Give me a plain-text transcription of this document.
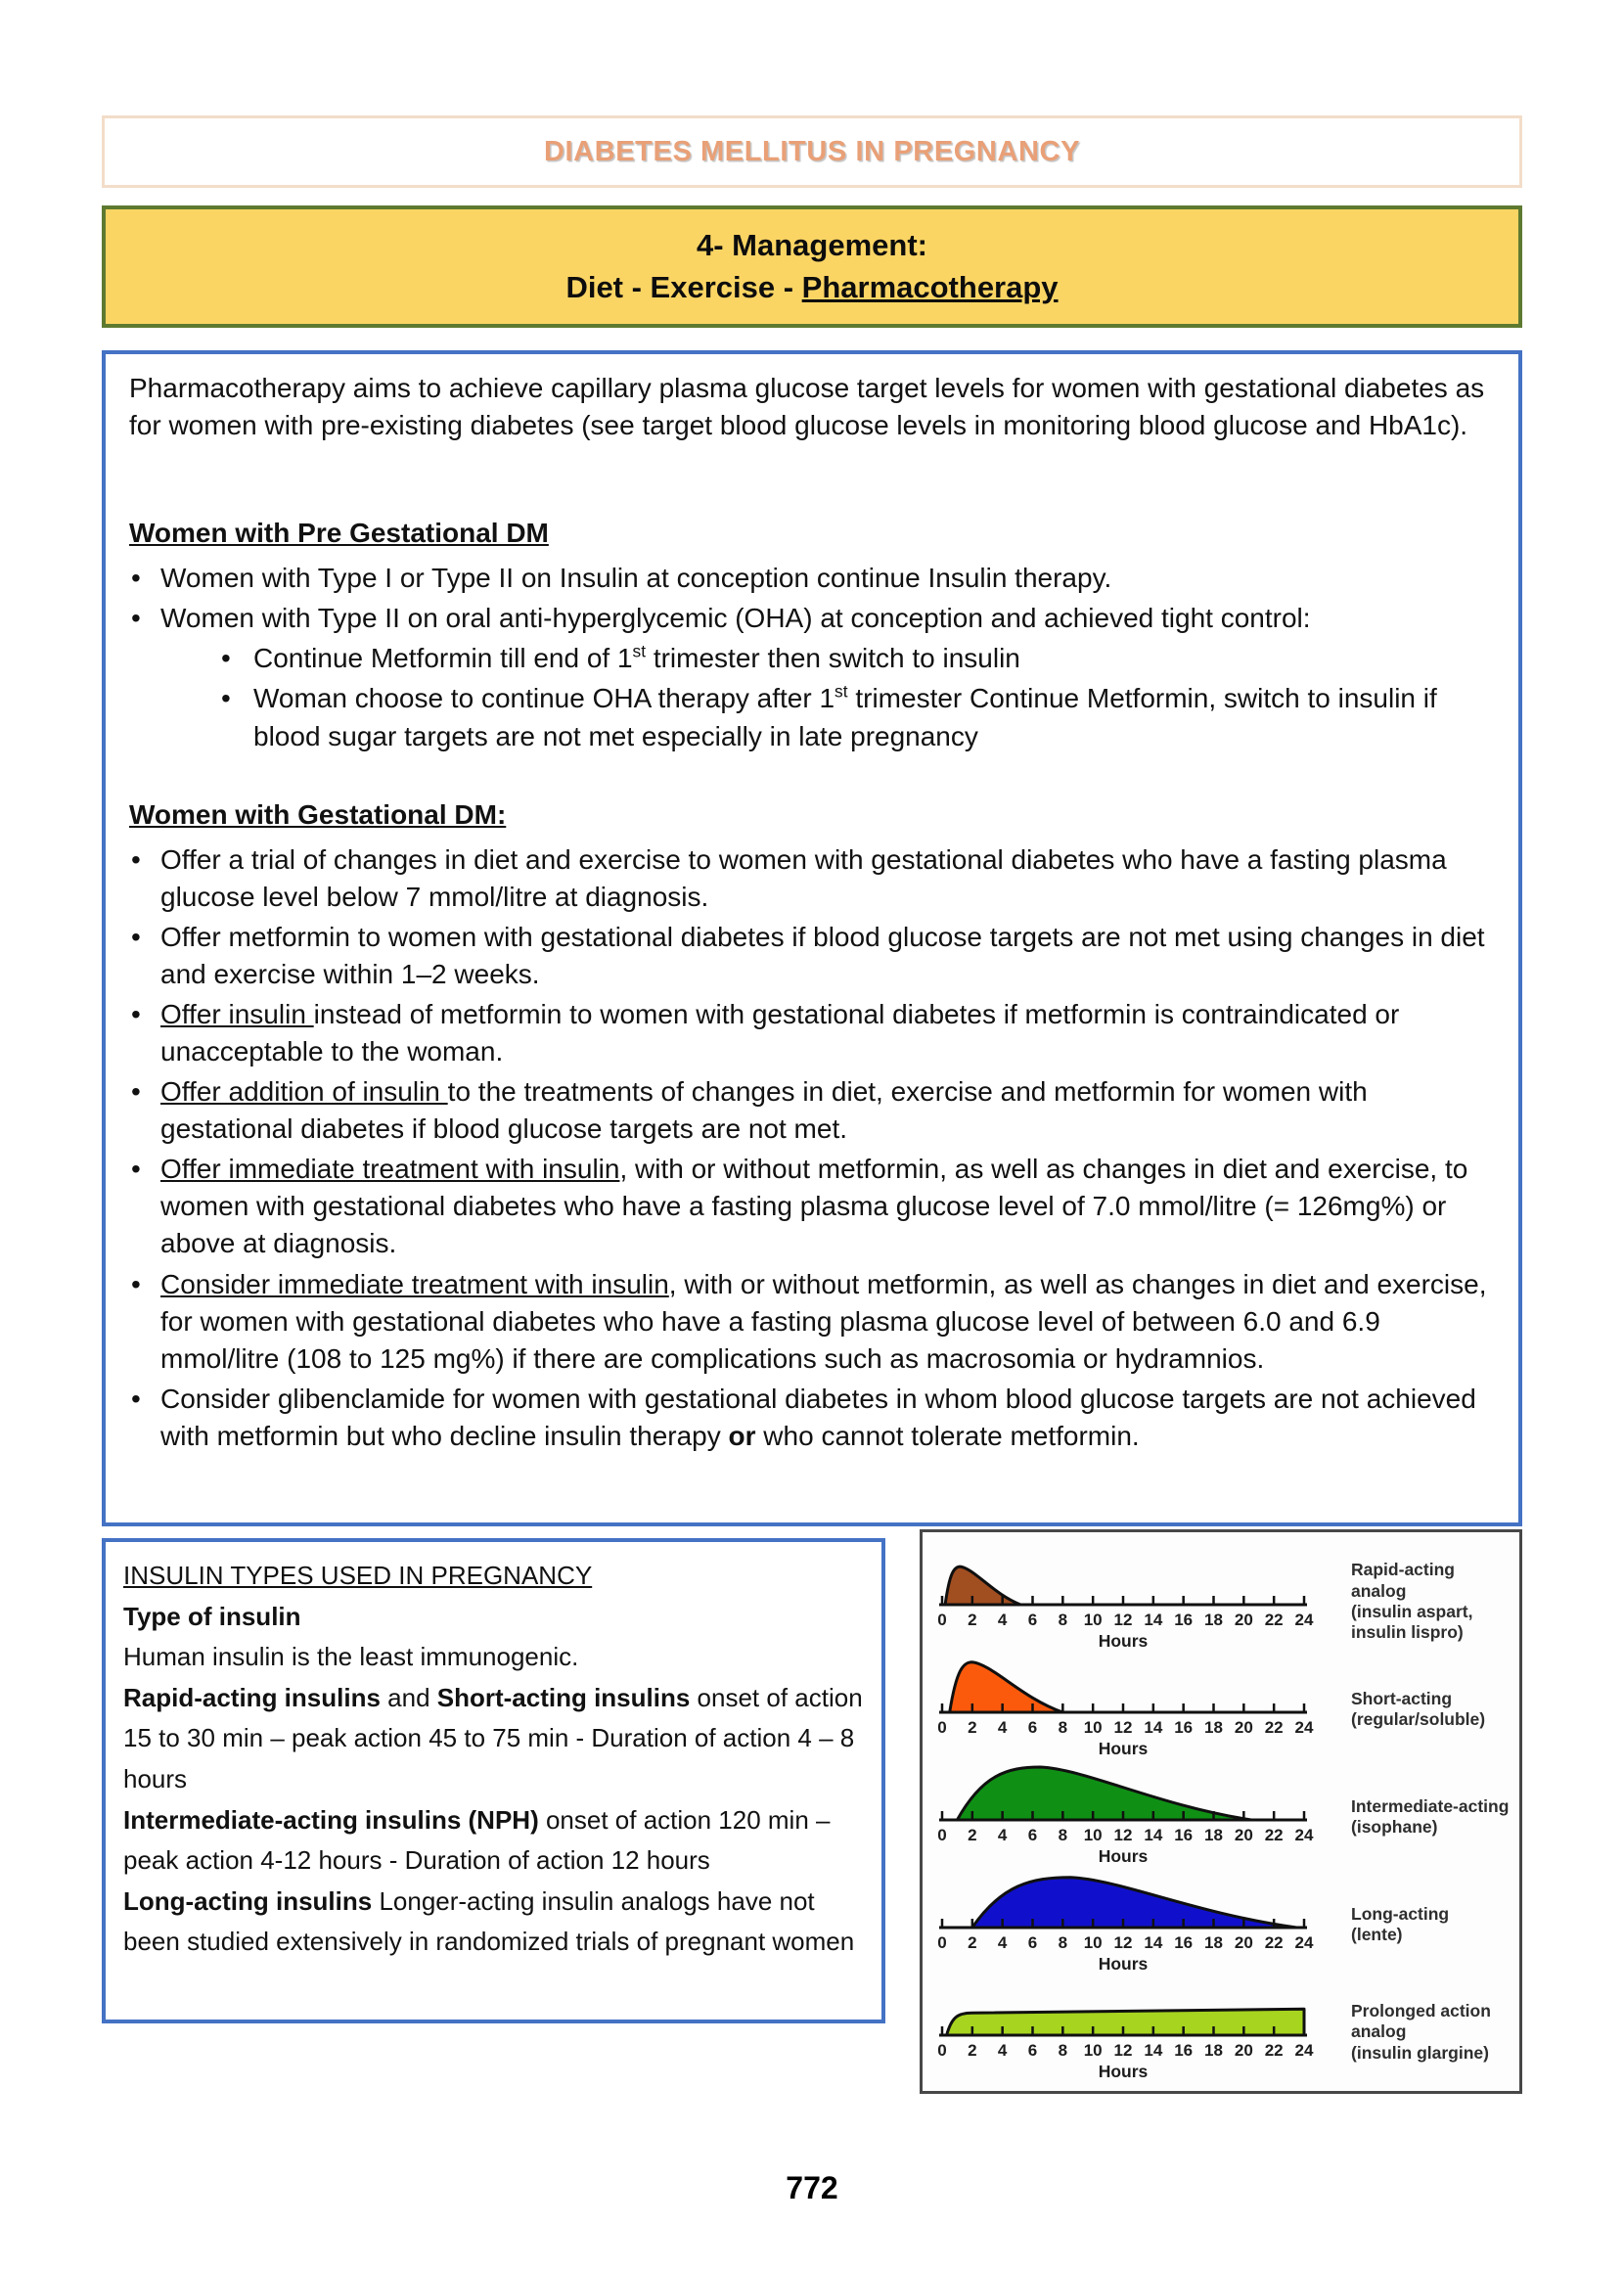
DIABETES MELLITUS IN PREGNANCY
4- Management:
Diet - Exercise - Pharmacotherapy

Pharmacotherapy aims to achieve capillary plasma glucose target levels for women with gestational diabetes as for women with pre-existing diabetes (see target blood glucose levels in monitoring blood glucose and HbA1c).

Women with Pre Gestational DM
• Women with Type I or Type II on Insulin at conception continue Insulin therapy.
• Women with Type II on oral anti-hyperglycemic (OHA) at conception and achieved tight control:
• Continue Metformin till end of 1st trimester then switch to insulin
• Woman choose to continue OHA therapy after 1st trimester Continue Metformin, switch to insulin if blood sugar targets are not met especially in late pregnancy
Women with Gestational DM:
• Offer a trial of changes in diet and exercise to women with gestational diabetes who have a fasting plasma glucose level below 7 mmol/litre at diagnosis.
• Offer metformin to women with gestational diabetes if blood glucose targets are not met using changes in diet and exercise within 1–2 weeks.
• Offer insulin instead of metformin to women with gestational diabetes if metformin is contraindicated or unacceptable to the woman.
• Offer addition of insulin to the treatments of changes in diet, exercise and metformin for women with gestational diabetes if blood glucose targets are not met.
• Offer immediate treatment with insulin, with or without metformin, as well as changes in diet and exercise, to women with gestational diabetes who have a fasting plasma glucose level of 7.0 mmol/litre (= 126mg%) or above at diagnosis.
• Consider immediate treatment with insulin, with or without metformin, as well as changes in diet and exercise, for women with gestational diabetes who have a fasting plasma glucose level of between 6.0 and 6.9 mmol/litre (108 to 125 mg%) if there are complications such as macrosomia or hydramnios.
• Consider glibenclamide for women with gestational diabetes in whom blood glucose targets are not achieved with metformin but who decline insulin therapy or who cannot tolerate metformin.

INSULIN TYPES USED IN PREGNANCY

Type of insulin

Human insulin is the least immunogenic.

Rapid-acting insulins and Short-acting insulins onset of action 15 to 30 min – peak action 45 to 75 min - Duration of action 4 – 8 hours

Intermediate-acting insulins (NPH) onset of action 120 min – peak action 4-12 hours - Duration of action 12 hours

Long-acting insulins Longer-acting insulin analogs have not been studied extensively in randomized trials of pregnant women

0 2 4 6 8 10 12 14 16 18 20 22 24
Hours
Rapid-acting
analog
(insulin aspart,
insulin lispro)
0 2 4 6 8 10 12 14 16 18 20 22 24
Hours
Short-acting
(regular/soluble)
0 2 4 6 8 10 12 14 16 18 20 22 24
Hours
Intermediate-acting
(isophane)
0 2 4 6 8 10 12 14 16 18 20 22 24
Hours
Long-acting
(lente)
0 2 4 6 8 10 12 14 16 18 20 22 24
Hours
Prolonged action
analog
(insulin glargine)
772
